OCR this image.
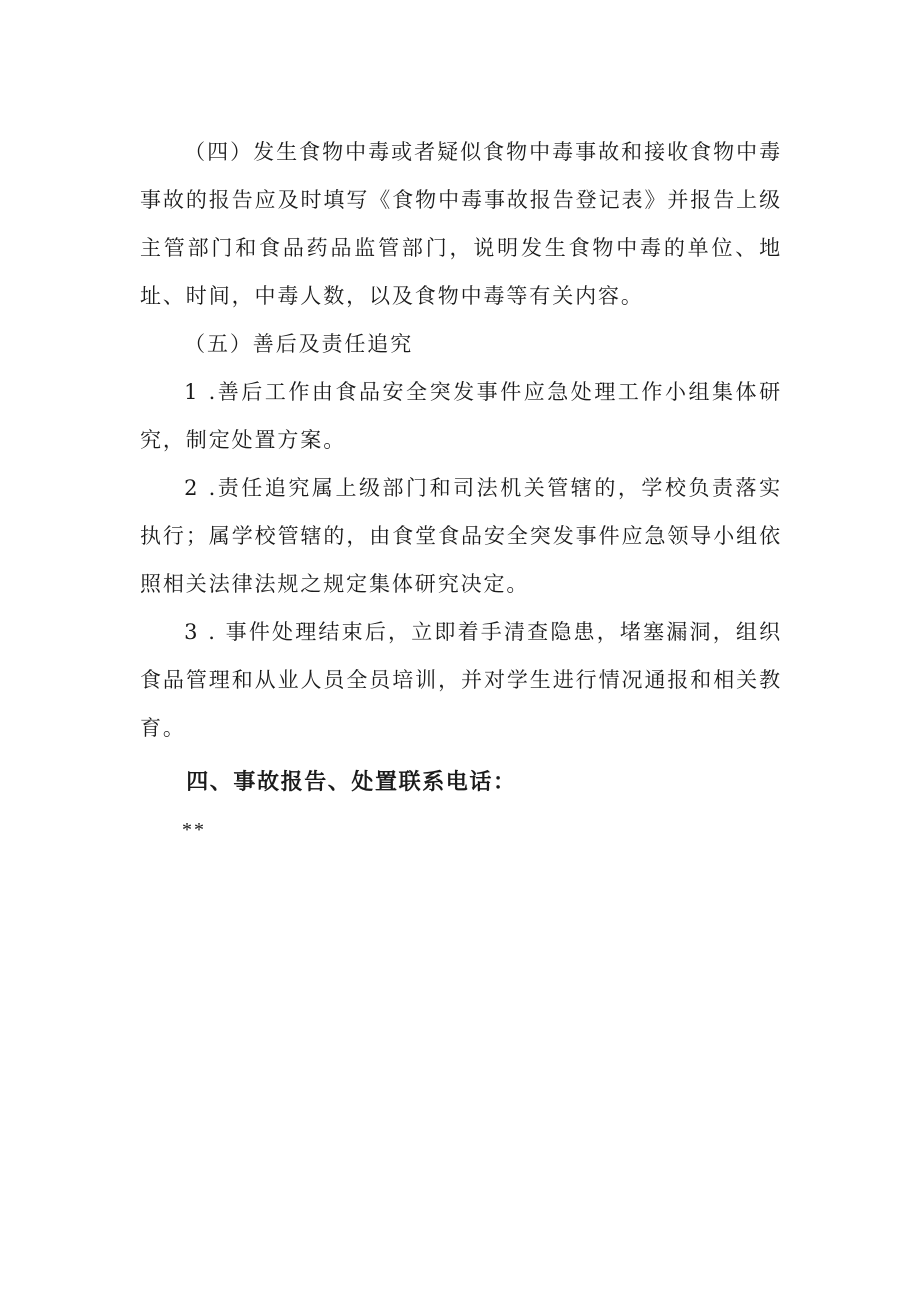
（四）发生食物中毒或者疑似食物中毒事故和接收食物中毒事故的报告应及时填写《食物中毒事故报告登记表》并报告上级主管部门和食品药品监管部门，说明发生食物中毒的单位、地址、时间，中毒人数，以及食物中毒等有关内容。

（五）善后及责任追究

1 .善后工作由食品安全突发事件应急处理工作小组集体研究，制定处置方案。

2 .责任追究属上级部门和司法机关管辖的，学校负责落实执行；属学校管辖的，由食堂食品安全突发事件应急领导小组依照相关法律法规之规定集体研究决定。

3 . 事件处理结束后，立即着手清查隐患，堵塞漏洞，组织食品管理和从业人员全员培训，并对学生进行情况通报和相关教育。

四、事故报告、处置联系电话：

**
